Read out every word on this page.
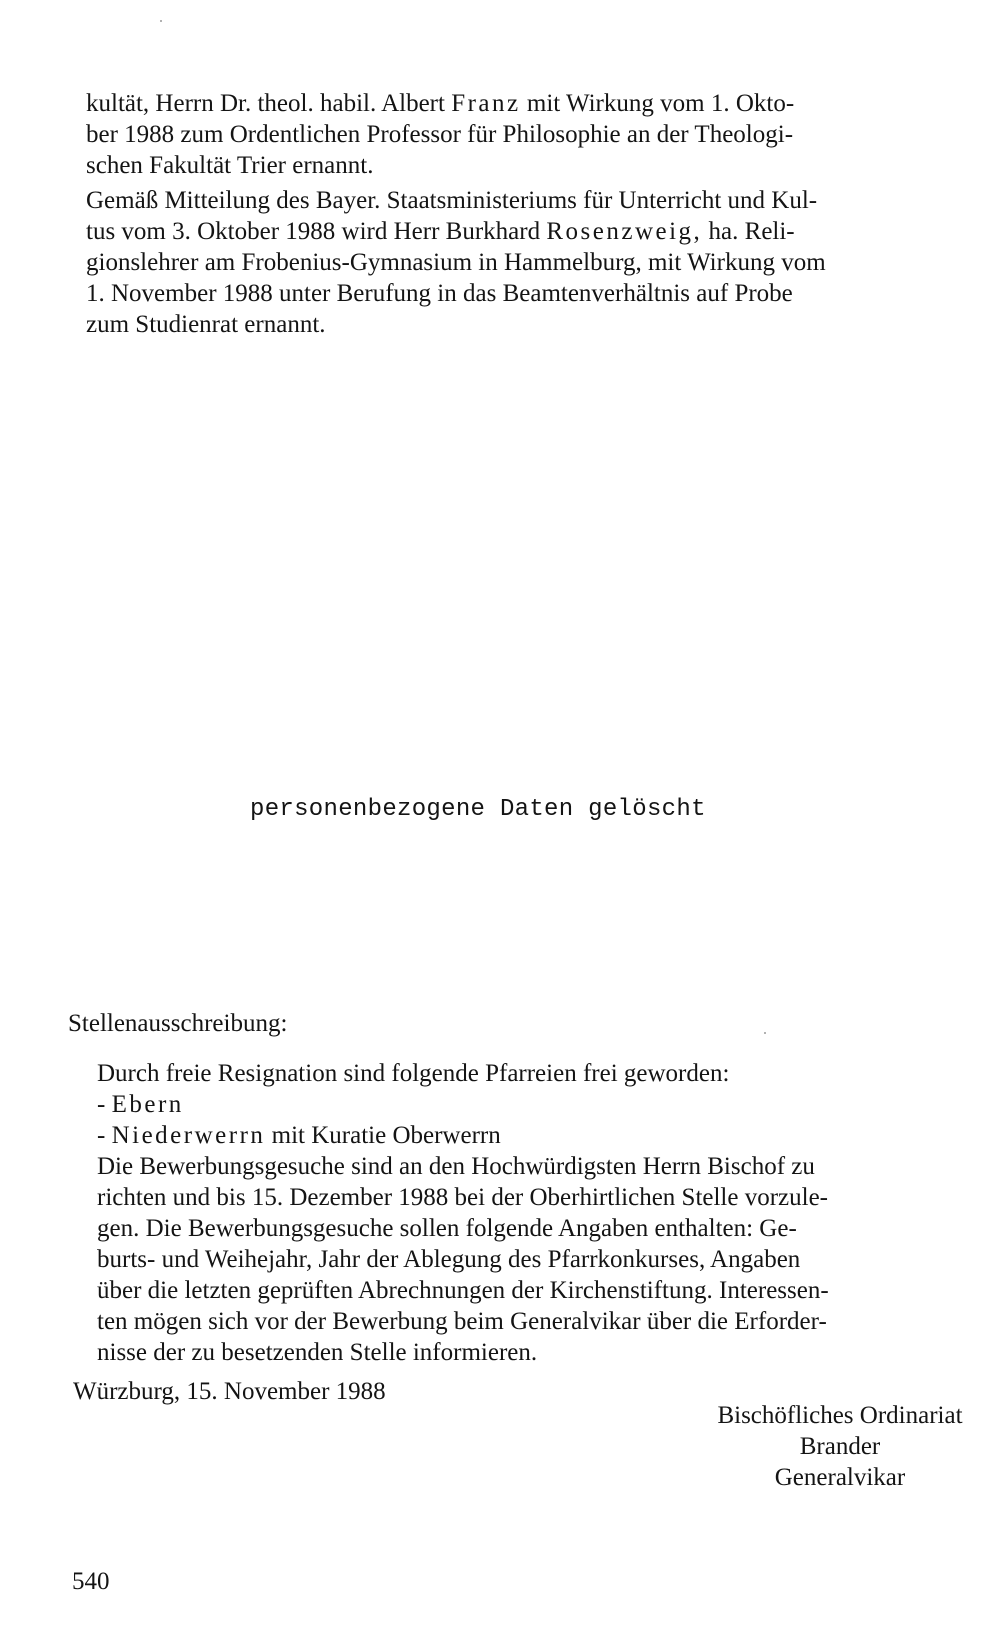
kultät, Herrn Dr. theol. habil. Albert Franz mit Wirkung vom 1. Okto-
ber 1988 zum Ordentlichen Professor für Philosophie an der Theologi-
schen Fakultät Trier ernannt.

Gemäß Mitteilung des Bayer. Staatsministeriums für Unterricht und Kul-
tus vom 3. Oktober 1988 wird Herr Burkhard Rosenzweig, ha. Reli-
gionslehrer am Frobenius-Gymnasium in Hammelburg, mit Wirkung vom
1. November 1988 unter Berufung in das Beamtenverhältnis auf Probe
zum Studienrat ernannt.

personenbezogene Daten gelöscht
Stellenausschreibung:

Durch freie Resignation sind folgende Pfarreien frei geworden:
- Ebern
- Niederwerrn mit Kuratie Oberwerrn
Die Bewerbungsgesuche sind an den Hochwürdigsten Herrn Bischof zu
richten und bis 15. Dezember 1988 bei der Oberhirtlichen Stelle vorzule-
gen. Die Bewerbungsgesuche sollen folgende Angaben enthalten: Ge-
burts- und Weihejahr, Jahr der Ablegung des Pfarrkonkurses, Angaben
über die letzten geprüften Abrechnungen der Kirchenstiftung. Interessen-
ten mögen sich vor der Bewerbung beim Generalvikar über die Erforder-
nisse der zu besetzenden Stelle informieren.

Würzburg, 15. November 1988
Bischöfliches Ordinariat
Brander
Generalvikar
540
